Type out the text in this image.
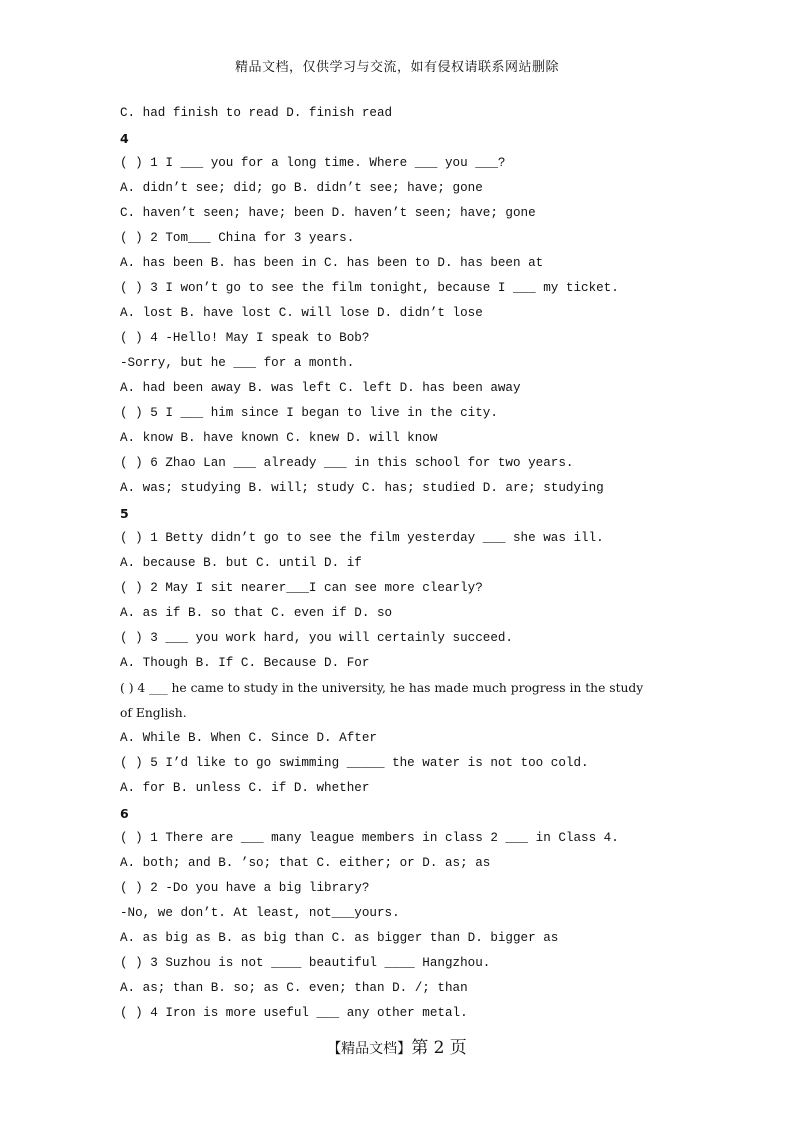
精品文档，仅供学习与交流，如有侵权请联系网站删除
C. had finish to read D. finish read
4
( ) 1 I ___ you for a long time. Where ___ you ___?
A. didn’t see; did; go B. didn’t see; have; gone
C. haven’t seen; have; been D. haven’t seen; have; gone
( ) 2 Tom___ China for 3 years.
A. has been B. has been in C. has been to D. has been at
( ) 3 I won’t go to see the film tonight, because I ___ my ticket.
A. lost B. have lost C. will lose D. didn’t lose
( ) 4 -Hello! May I speak to Bob?
-Sorry, but he ___ for a month.
A. had been away B. was left C. left D. has been away
( ) 5 I ___ him since I began to live in the city.
A. know B. have known C. knew D. will know
( ) 6 Zhao Lan ___ already ___ in this school for two years.
A. was; studying B. will; study C. has; studied D. are; studying
5
( ) 1 Betty didn’t go to see the film yesterday ___ she was ill.
A. because B. but C. until D. if
( ) 2 May I sit nearer___I can see more clearly?
A. as if B. so that C. even if D. so
( ) 3 ___ you work hard, you will certainly succeed.
A. Though B. If C. Because D. For
( ) 4 ___ he came to study in the university, he has made much progress in the study
of English.
A. While B. When C. Since D. After
( ) 5 I’d like to go swimming _____ the water is not too cold.
A. for B. unless C. if D. whether
6
( ) 1 There are ___ many league members in class 2 ___ in Class 4.
A. both; and B. ’so; that C. either; or D. as; as
( ) 2 -Do you have a big library?
-No, we don’t. At least, not___yours.
A. as big as B. as big than C. as bigger than D. bigger as
( ) 3 Suzhou is not ____ beautiful ____ Hangzhou.
A. as; than B. so; as C. even; than D. /; than
( ) 4 Iron is more useful ___ any other metal.
【精品文档】第 2 页
